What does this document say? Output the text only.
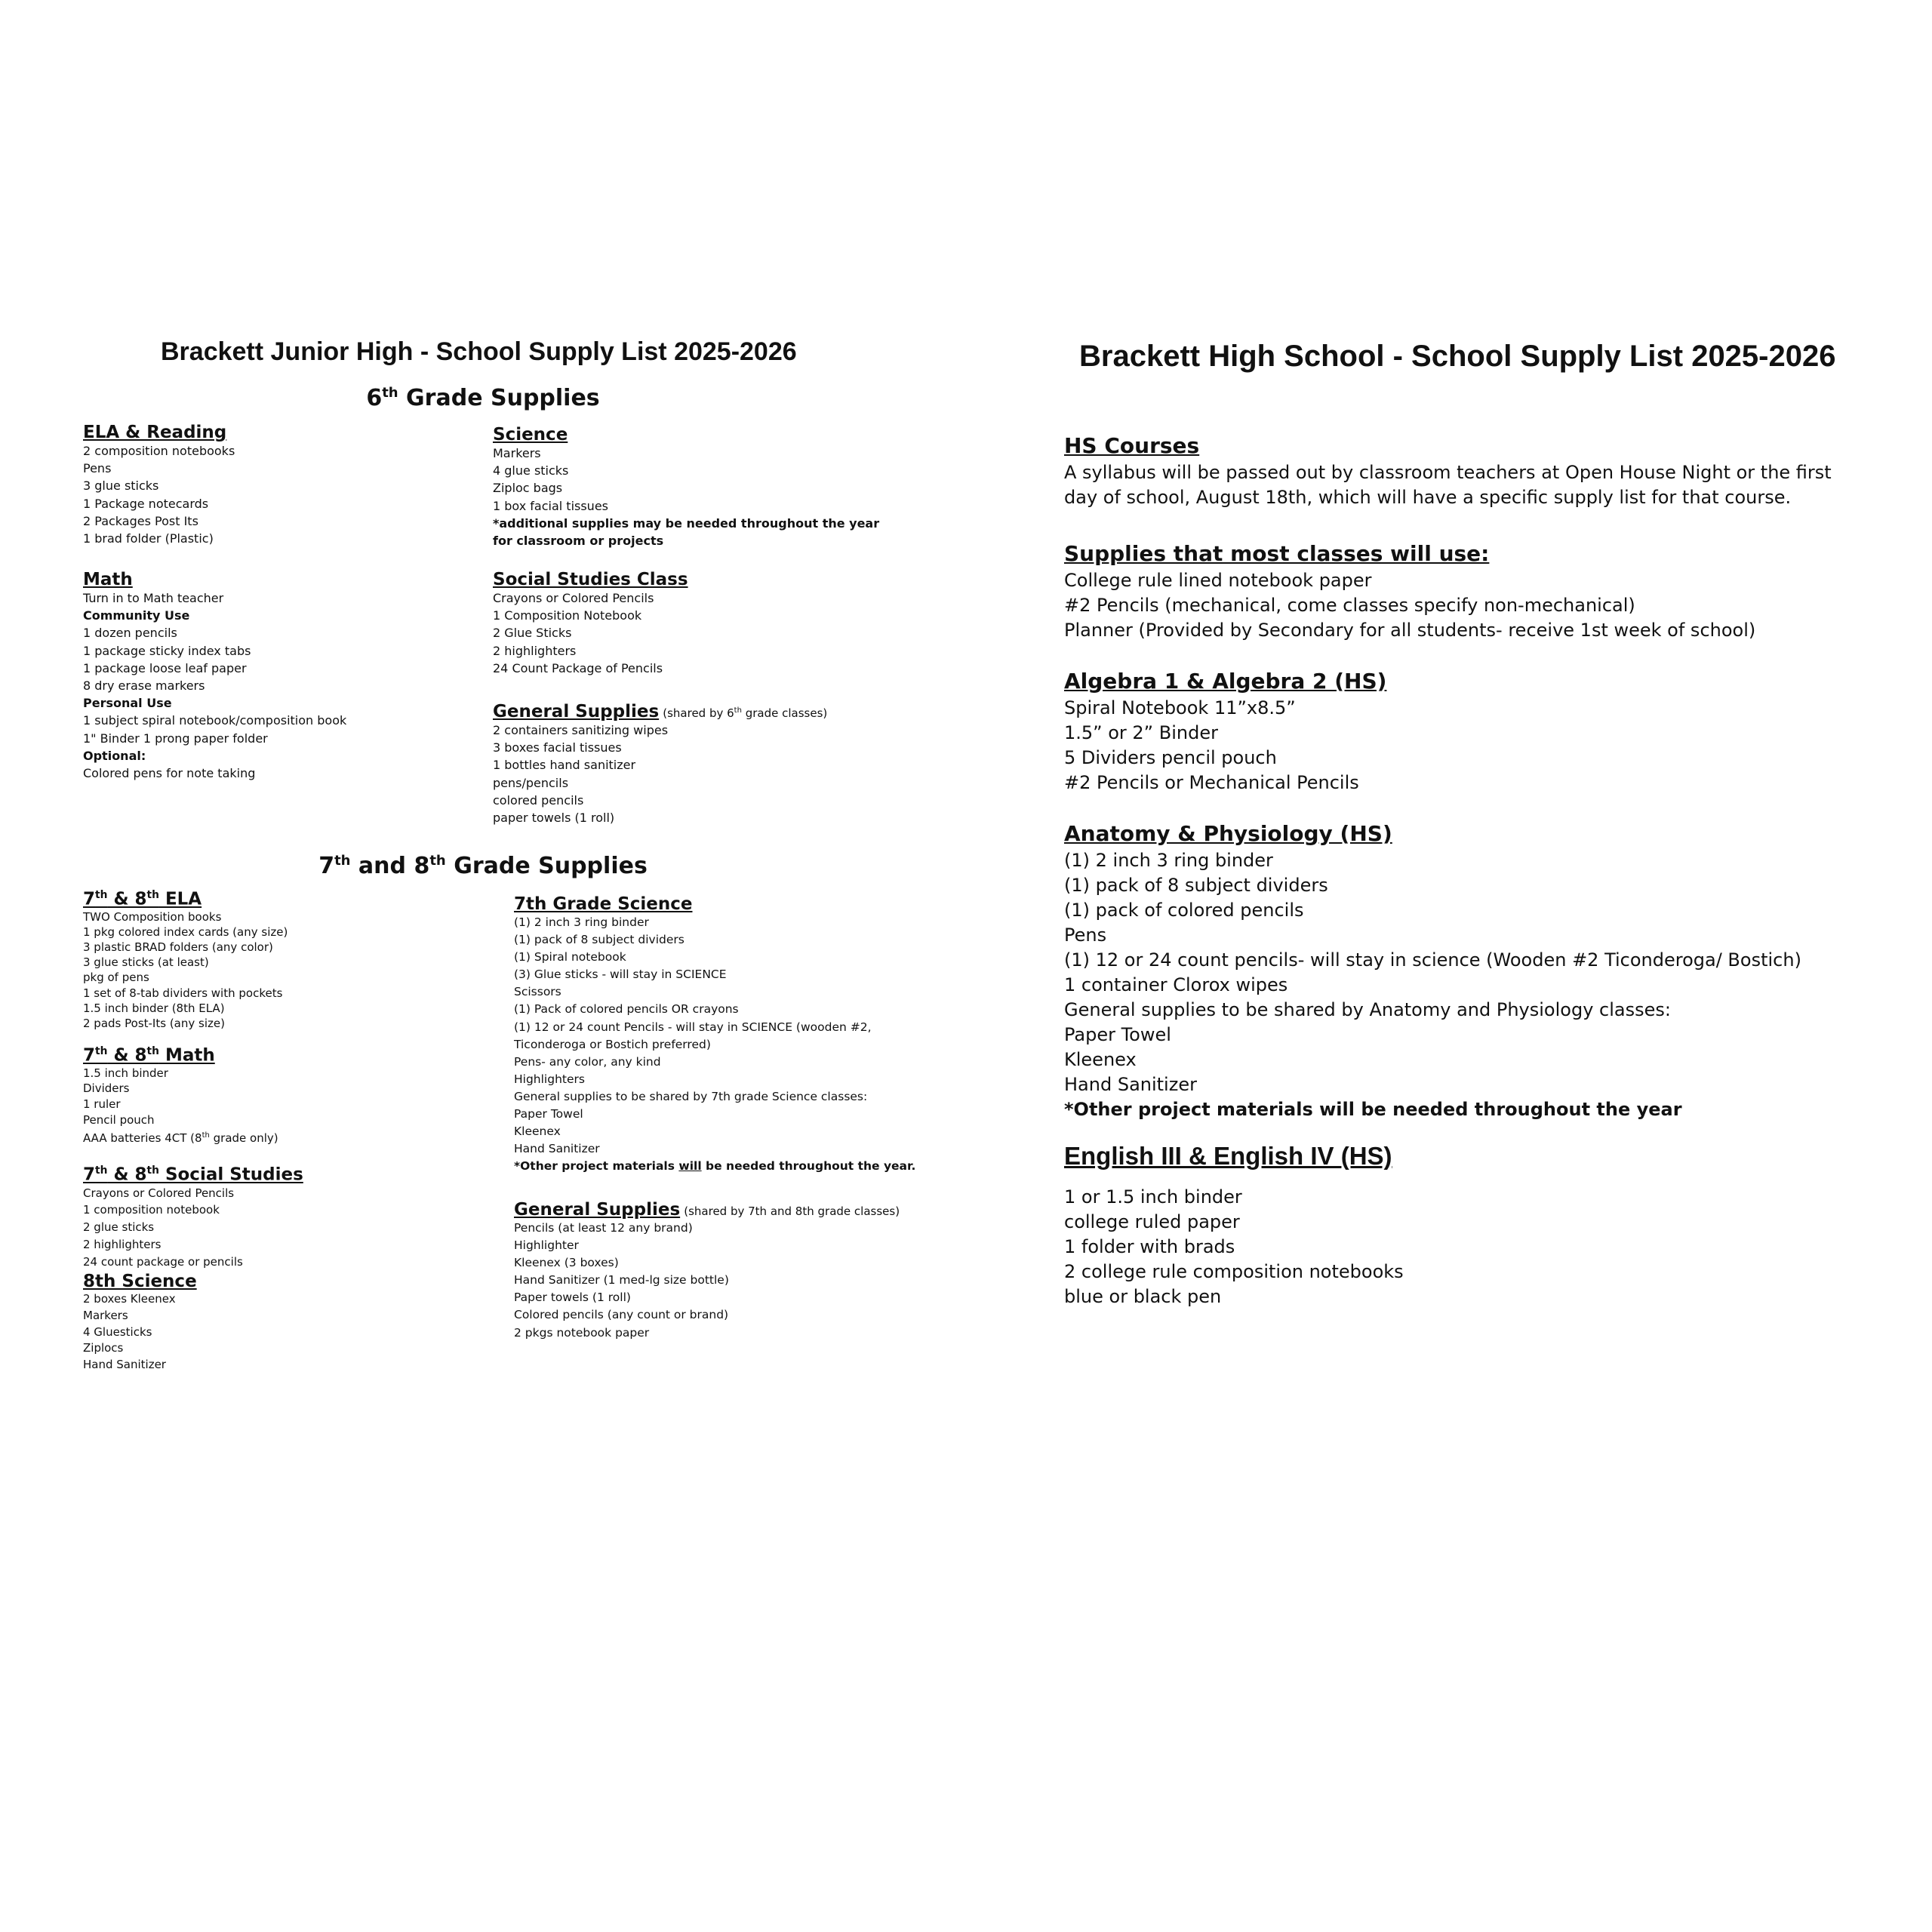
Brackett Junior High - School Supply List 2025-2026
6th Grade Supplies
ELA & Reading
2 composition notebooks
Pens
3 glue sticks
1 Package notecards
2 Packages Post Its
1 brad folder (Plastic)
Math
Turn in to Math teacher
Community Use
1 dozen pencils
1 package sticky index tabs
1 package loose leaf paper
8 dry erase markers
Personal Use
1 subject spiral notebook/composition book
1" Binder 1 prong paper folder
Optional:
Colored pens for note taking
Science
Markers
4 glue sticks
Ziploc bags
1 box facial tissues
*additional supplies may be needed throughout the year for classroom or projects
Social Studies Class
Crayons or Colored Pencils
1 Composition Notebook
2 Glue Sticks
2 highlighters
24 Count Package of Pencils
General Supplies (shared by 6th grade classes)
2 containers sanitizing wipes
3 boxes facial tissues
1 bottles hand sanitizer
pens/pencils
colored pencils
paper towels (1 roll)
7th and 8th Grade Supplies
7th & 8th ELA
TWO Composition books
1 pkg colored index cards (any size)
3 plastic BRAD folders (any color)
3 glue sticks (at least)
pkg of pens
1 set of 8-tab dividers with pockets
1.5 inch binder (8th ELA)
2 pads Post-Its (any size)
7th & 8th Math
1.5 inch binder
Dividers
1 ruler
Pencil pouch
AAA batteries 4CT (8th grade only)
7th & 8th Social Studies
Crayons or Colored Pencils
1 composition notebook
2 glue sticks
2 highlighters
24 count package or pencils
8th Science
2 boxes Kleenex
Markers
4 Gluesticks
Ziplocs
Hand Sanitizer
7th Grade Science
(1) 2 inch 3 ring binder
(1) pack of 8 subject dividers
(1) Spiral notebook
(3) Glue sticks - will stay in SCIENCE
Scissors
(1) Pack of colored pencils OR crayons
(1) 12 or 24 count Pencils - will stay in SCIENCE (wooden #2,
Ticonderoga or Bostich preferred)
Pens- any color, any kind
Highlighters
General supplies to be shared by 7th grade Science classes:
Paper Towel
Kleenex
Hand Sanitizer
*Other project materials will be needed throughout the year.
General Supplies (shared by 7th and 8th grade classes)
Pencils (at least 12 any brand)
Highlighter
Kleenex (3 boxes)
Hand Sanitizer (1 med-lg size bottle)
Paper towels (1 roll)
Colored pencils (any count or brand)
2 pkgs notebook paper
Brackett High School - School Supply List 2025-2026
HS Courses

A syllabus will be passed out by classroom teachers at Open House Night or the first day of school, August 18th, which will have a specific supply list for that course.

Supplies that most classes will use:
College rule lined notebook paper
#2 Pencils (mechanical, come classes specify non-mechanical)
Planner (Provided by Secondary for all students- receive 1st week of school)
Algebra 1 & Algebra 2 (HS)
Spiral Notebook 11”x8.5”
1.5” or 2” Binder
5 Dividers pencil pouch
#2 Pencils or Mechanical Pencils
Anatomy & Physiology (HS)
(1) 2 inch 3 ring binder
(1) pack of 8 subject dividers
(1) pack of colored pencils
Pens
(1) 12 or 24 count pencils- will stay in science (Wooden #2 Ticonderoga/ Bostich)
1 container Clorox wipes
General supplies to be shared by Anatomy and Physiology classes:
Paper Towel
Kleenex
Hand Sanitizer
*Other project materials will be needed throughout the year
English III & English IV (HS)
1 or 1.5 inch binder
college ruled paper
1 folder with brads
2 college rule composition notebooks
blue or black pen
